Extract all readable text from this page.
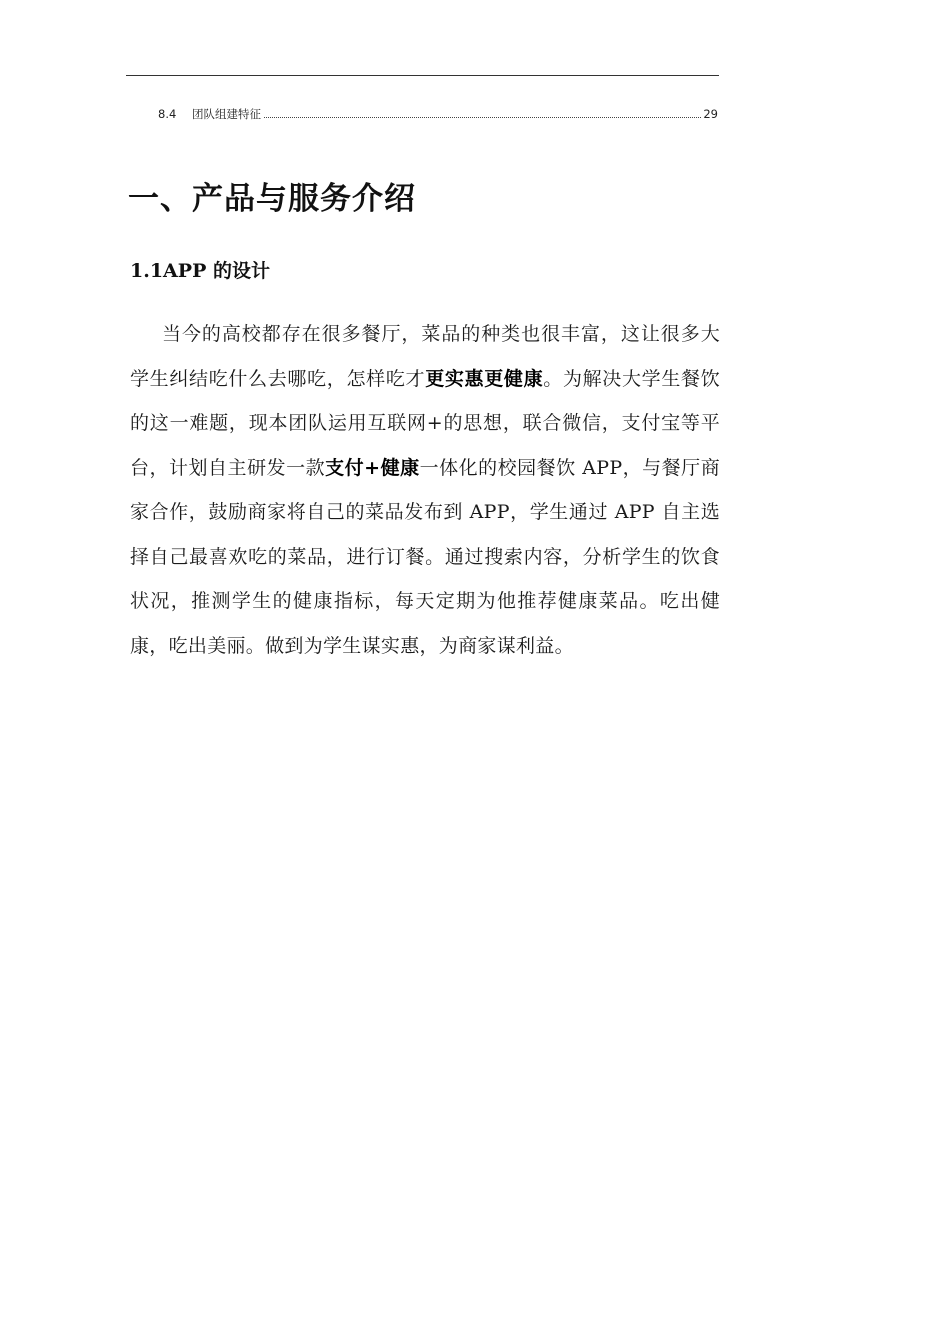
8.4	团队组建特征	29
一、产品与服务介绍
1.1APP 的设计

当今的高校都存在很多餐厅，菜品的种类也很丰富，这让很多大学生纠结吃什么去哪吃，怎样吃才更实惠更健康。为解决大学生餐饮的这一难题，现本团队运用互联网+的思想，联合微信，支付宝等平台，计划自主研发一款支付+健康一体化的校园餐饮 APP，与餐厅商家合作，鼓励商家将自己的菜品发布到 APP，学生通过 APP 自主选择自己最喜欢吃的菜品，进行订餐。通过搜索内容，分析学生的饮食状况，推测学生的健康指标，每天定期为他推荐健康菜品。吃出健康，吃出美丽。做到为学生谋实惠，为商家谋利益。
